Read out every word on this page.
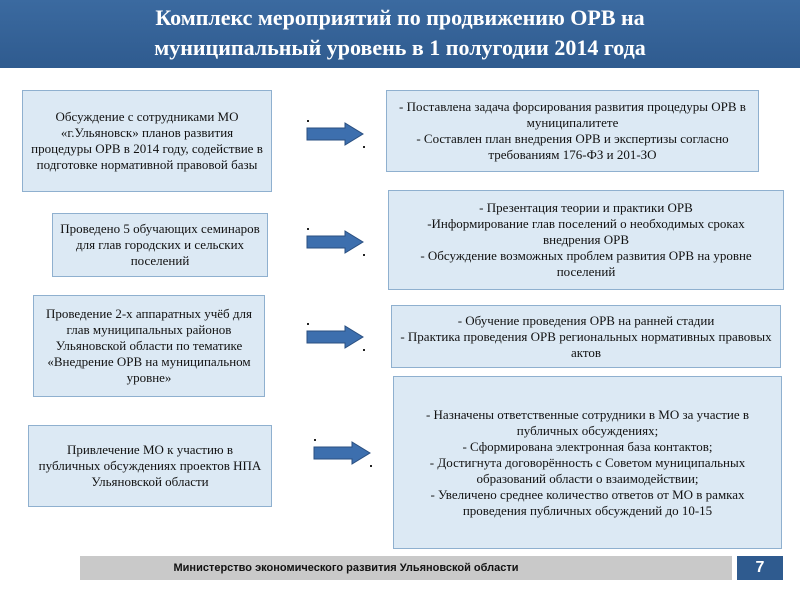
Комплекс мероприятий по продвижению ОРВ на
муниципальный уровень в 1 полугодии 2014 года
Обсуждение с сотрудниками МО «г.Ульяновск» планов развития процедуры ОРВ в 2014 году, содействие в подготовке нормативной правовой базы
Проведено 5 обучающих семинаров для глав городских и сельских поселений
Проведение 2-х аппаратных учёб для глав муниципальных районов Ульяновской области по тематике «Внедрение ОРВ на муниципальном уровне»
Привлечение МО к участию в публичных обсуждениях проектов НПА Ульяновской области
- Поставлена задача форсирования развития процедуры ОРВ в муниципалитете
- Составлен план внедрения ОРВ и экспертизы согласно требованиям 176-ФЗ и 201-ЗО
- Презентация теории и практики ОРВ
-Информирование глав поселений о необходимых сроках внедрения ОРВ
- Обсуждение возможных проблем развития ОРВ на уровне поселений
- Обучение проведения ОРВ на ранней стадии
- Практика проведения ОРВ региональных нормативных правовых актов
- Назначены ответственные сотрудники в МО за участие в публичных обсуждениях;
- Сформирована электронная база контактов;
- Достигнута договорённость с Советом муниципальных образований области о взаимодействии;
- Увеличено среднее количество ответов от МО в рамках проведения публичных обсуждений до 10-15
Министерство экономического развития Ульяновской области	7
